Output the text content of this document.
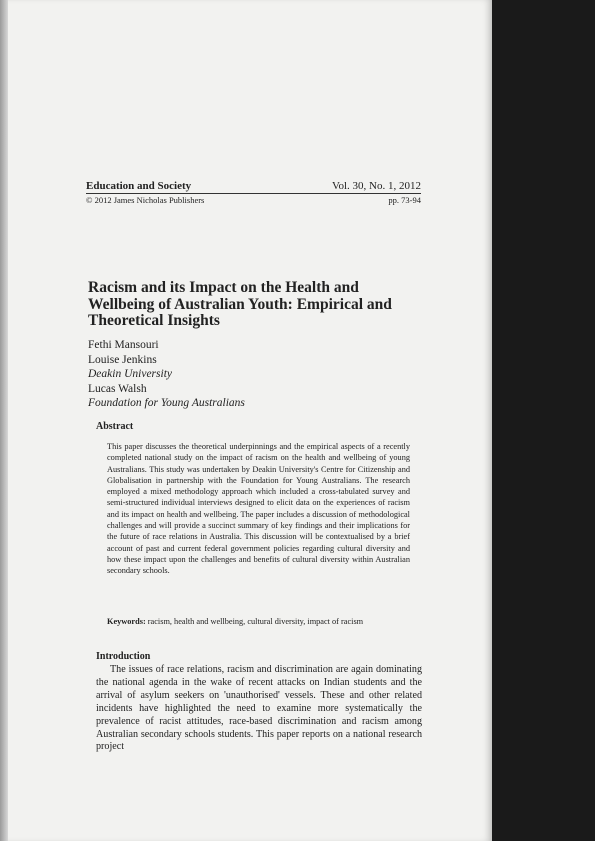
Education and Society	Vol. 30, No. 1, 2012
© 2012 James Nicholas Publishers	pp. 73-94
Racism and its Impact on the Health and Wellbeing of Australian Youth: Empirical and Theoretical Insights
Fethi Mansouri
Louise Jenkins
Deakin University
Lucas Walsh
Foundation for Young Australians
Abstract

This paper discusses the theoretical underpinnings and the empirical aspects of a recently completed national study on the impact of racism on the health and wellbeing of young Australians. This study was undertaken by Deakin University's Centre for Citizenship and Globalisation in partnership with the Foundation for Young Australians. The research employed a mixed methodology approach which included a cross-tabulated survey and semi-structured individual interviews designed to elicit data on the experiences of racism and its impact on health and wellbeing. The paper includes a discussion of methodological challenges and will provide a succinct summary of key findings and their implications for the future of race relations in Australia. This discussion will be contextualised by a brief account of past and current federal government policies regarding cultural diversity and how these impact upon the challenges and benefits of cultural diversity within Australian secondary schools.

Keywords: racism, health and wellbeing, cultural diversity, impact of racism

Introduction

The issues of race relations, racism and discrimination are again dominating the national agenda in the wake of recent attacks on Indian students and the arrival of asylum seekers on 'unauthorised' vessels. These and other related incidents have highlighted the need to examine more systematically the prevalence of racist attitudes, race-based discrimination and racism among Australian secondary schools students. This paper reports on a national research project
